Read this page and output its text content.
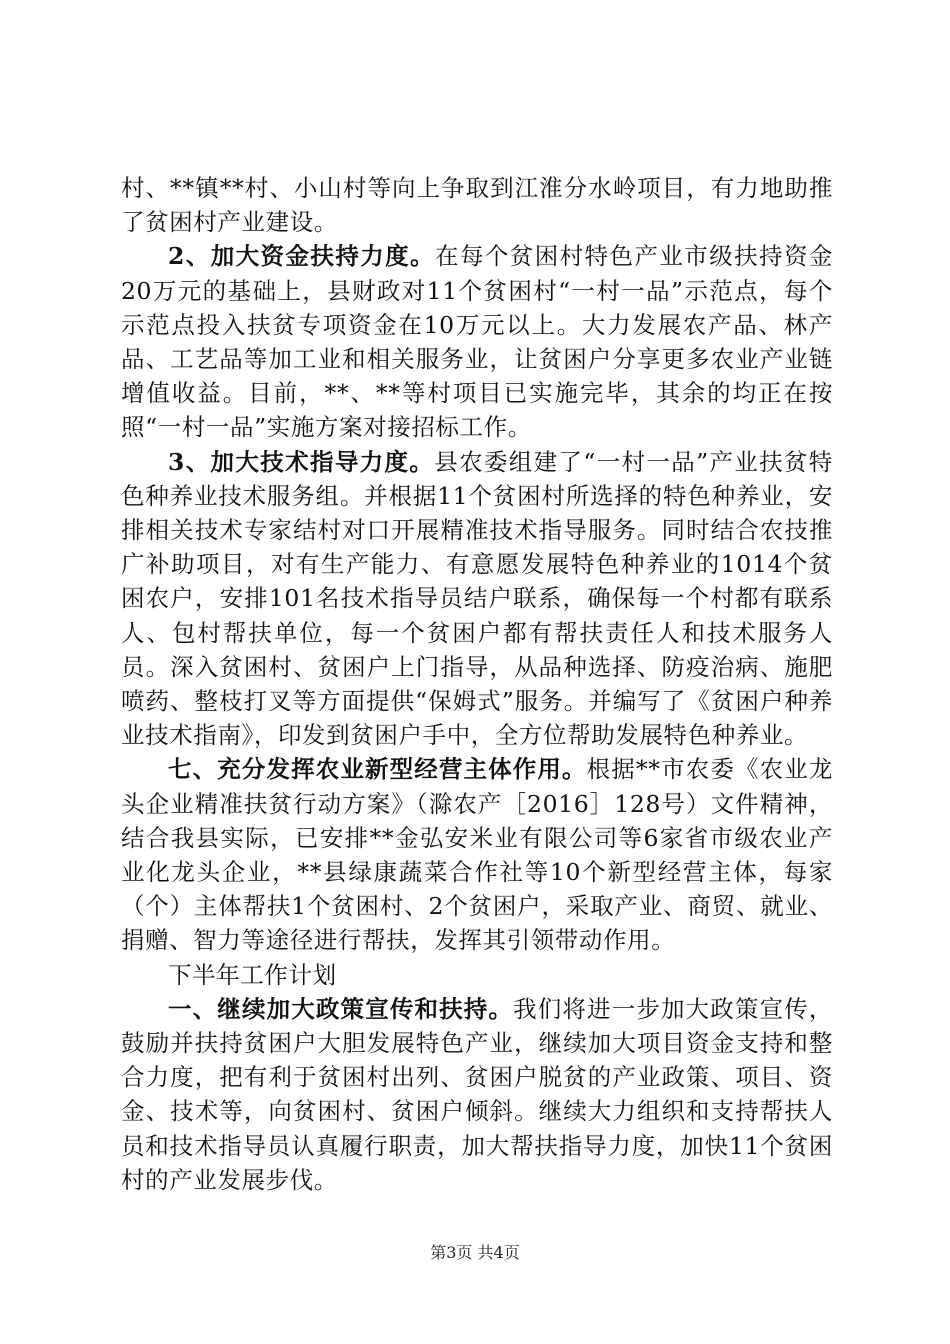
村、**镇**村、小山村等向上争取到江淮分水岭项目，有力地助推了贫困村产业建设。

2、加大资金扶持力度。在每个贫困村特色产业市级扶持资金20万元的基础上，县财政对11个贫困村“一村一品”示范点，每个示范点投入扶贫专项资金在10万元以上。大力发展农产品、林产品、工艺品等加工业和相关服务业，让贫困户分享更多农业产业链增值收益。目前，**、**等村项目已实施完毕，其余的均正在按照“一村一品”实施方案对接招标工作。

3、加大技术指导力度。县农委组建了“一村一品”产业扶贫特色种养业技术服务组。并根据11个贫困村所选择的特色种养业，安排相关技术专家结村对口开展精准技术指导服务。同时结合农技推广补助项目，对有生产能力、有意愿发展特色种养业的1014个贫困农户，安排101名技术指导员结户联系，确保每一个村都有联系人、包村帮扶单位，每一个贫困户都有帮扶责任人和技术服务人员。深入贫困村、贫困户上门指导，从品种选择、防疫治病、施肥喷药、整枝打叉等方面提供“保姆式”服务。并编写了《贫困户种养业技术指南》，印发到贫困户手中，全方位帮助发展特色种养业。

七、充分发挥农业新型经营主体作用。根据**市农委《农业龙头企业精准扶贫行动方案》（滁农产［2016］128号）文件精神，结合我县实际，已安排**金弘安米业有限公司等6家省市级农业产业化龙头企业，**县绿康蔬菜合作社等10个新型经营主体，每家（个）主体帮扶1个贫困村、2个贫困户，采取产业、商贸、就业、捐赠、智力等途径进行帮扶，发挥其引领带动作用。

下半年工作计划

一、继续加大政策宣传和扶持。我们将进一步加大政策宣传，鼓励并扶持贫困户大胆发展特色产业，继续加大项目资金支持和整合力度，把有利于贫困村出列、贫困户脱贫的产业政策、项目、资金、技术等，向贫困村、贫困户倾斜。继续大力组织和支持帮扶人员和技术指导员认真履行职责，加大帮扶指导力度，加快11个贫困村的产业发展步伐。

第3页 共4页
